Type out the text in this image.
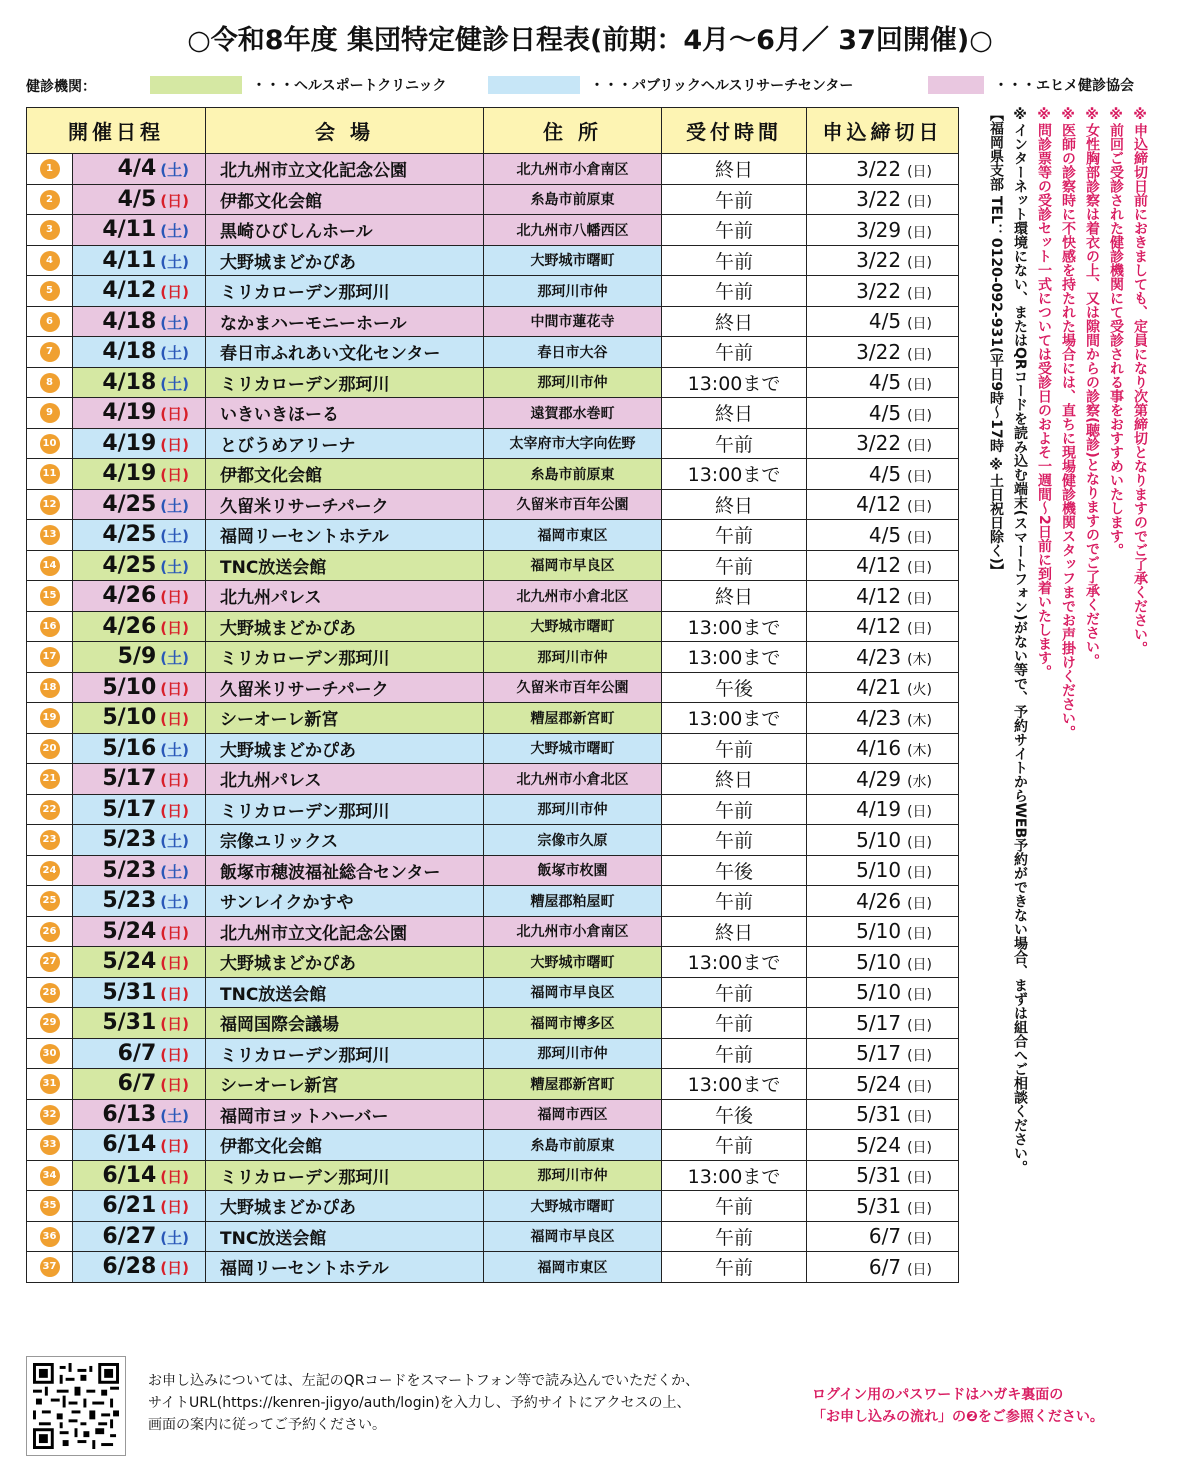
○令和8年度 集団特定健診日程表(前期：4月～6月／ 37回開催)○
健診機関：	・・・ヘルスポートクリニック	・・・パブリックヘルスリサーチセンター	・・・エヒメ健診協会
開催日程		会 場	住 所	受付時間	申込締切日
1	4/4 (土)	北九州市立文化記念公園	北九州市小倉南区	終日	3/22 (日)
2	4/5 (日)	伊都文化会館	糸島市前原東	午前	3/22 (日)
3	4/11 (土)	黒崎ひびしんホール	北九州市八幡西区	午前	3/29 (日)
4	4/11 (土)	大野城まどかぴあ	大野城市曙町	午前	3/22 (日)
5	4/12 (日)	ミリカローデン那珂川	那珂川市仲	午前	3/22 (日)
6	4/18 (土)	なかまハーモニーホール	中間市蓮花寺	終日	4/5 (日)
7	4/18 (土)	春日市ふれあい文化センター	春日市大谷	午前	3/22 (日)
8	4/18 (土)	ミリカローデン那珂川	那珂川市仲	13:00まで	4/5 (日)
9	4/19 (日)	いきいきほーる	遠賀郡水巻町	終日	4/5 (日)
10	4/19 (日)	とびうめアリーナ	太宰府市大字向佐野	午前	3/22 (日)
11	4/19 (日)	伊都文化会館	糸島市前原東	13:00まで	4/5 (日)
12	4/25 (土)	久留米リサーチパーク	久留米市百年公園	終日	4/12 (日)
13	4/25 (土)	福岡リーセントホテル	福岡市東区	午前	4/5 (日)
14	4/25 (土)	TNC放送会館	福岡市早良区	午前	4/12 (日)
15	4/26 (日)	北九州パレス	北九州市小倉北区	終日	4/12 (日)
16	4/26 (日)	大野城まどかぴあ	大野城市曙町	13:00まで	4/12 (日)
17	5/9 (土)	ミリカローデン那珂川	那珂川市仲	13:00まで	4/23 (木)
18	5/10 (日)	久留米リサーチパーク	久留米市百年公園	午後	4/21 (火)
19	5/10 (日)	シーオーレ新宮	糟屋郡新宮町	13:00まで	4/23 (木)
20	5/16 (土)	大野城まどかぴあ	大野城市曙町	午前	4/16 (木)
21	5/17 (日)	北九州パレス	北九州市小倉北区	終日	4/29 (水)
22	5/17 (日)	ミリカローデン那珂川	那珂川市仲	午前	4/19 (日)
23	5/23 (土)	宗像ユリックス	宗像市久原	午前	5/10 (日)
24	5/23 (土)	飯塚市穂波福祉総合センター	飯塚市枚園	午後	5/10 (日)
25	5/23 (土)	サンレイクかすや	糟屋郡粕屋町	午前	4/26 (日)
26	5/24 (日)	北九州市立文化記念公園	北九州市小倉南区	終日	5/10 (日)
27	5/24 (日)	大野城まどかぴあ	大野城市曙町	13:00まで	5/10 (日)
28	5/31 (日)	TNC放送会館	福岡市早良区	午前	5/10 (日)
29	5/31 (日)	福岡国際会議場	福岡市博多区	午前	5/17 (日)
30	6/7 (日)	ミリカローデン那珂川	那珂川市仲	午前	5/17 (日)
31	6/7 (日)	シーオーレ新宮	糟屋郡新宮町	13:00まで	5/24 (日)
32	6/13 (土)	福岡市ヨットハーバー	福岡市西区	午後	5/31 (日)
33	6/14 (日)	伊都文化会館	糸島市前原東	午前	5/24 (日)
34	6/14 (日)	ミリカローデン那珂川	那珂川市仲	13:00まで	5/31 (日)
35	6/21 (日)	大野城まどかぴあ	大野城市曙町	午前	5/31 (日)
36	6/27 (土)	TNC放送会館	福岡市早良区	午前	6/7 (日)
37	6/28 (日)	福岡リーセントホテル	福岡市東区	午前	6/7 (日)
※申込締切日前におきましても、定員になり次第締切となりますのでご了承ください。
※前回ご受診された健診機関にて受診される事をおすすめいたします。
※女性胸部診察は着衣の上、又は隙間からの診察(聴診)となりますのでご了承ください。
※医師の診察時に不快感を持たれた場合には、直ちに現場健診機関スタッフまでお声掛けください。
※問診票等の受診セット一式については受診日のおよそ一週間～2日前に到着いたします。
※インターネット環境にない、またはQRコードを読み込む端末(スマートフォン)がない等で、予約サイトからWEB予約ができない場合、まずは組合へご相談ください。
【福岡県支部 TEL：0120-092-931(平日9時～17時 ※土日祝日除く)】
お申し込みについては、左記のQRコードをスマートフォン等で読み込んでいただくか、
サイトURL(https://kenren-jigyo/auth/login)を入力し、予約サイトにアクセスの上、
画面の案内に従ってご予約ください。
ログイン用のパスワードはハガキ裏面の
「お申し込みの流れ」の❷をご参照ください。
